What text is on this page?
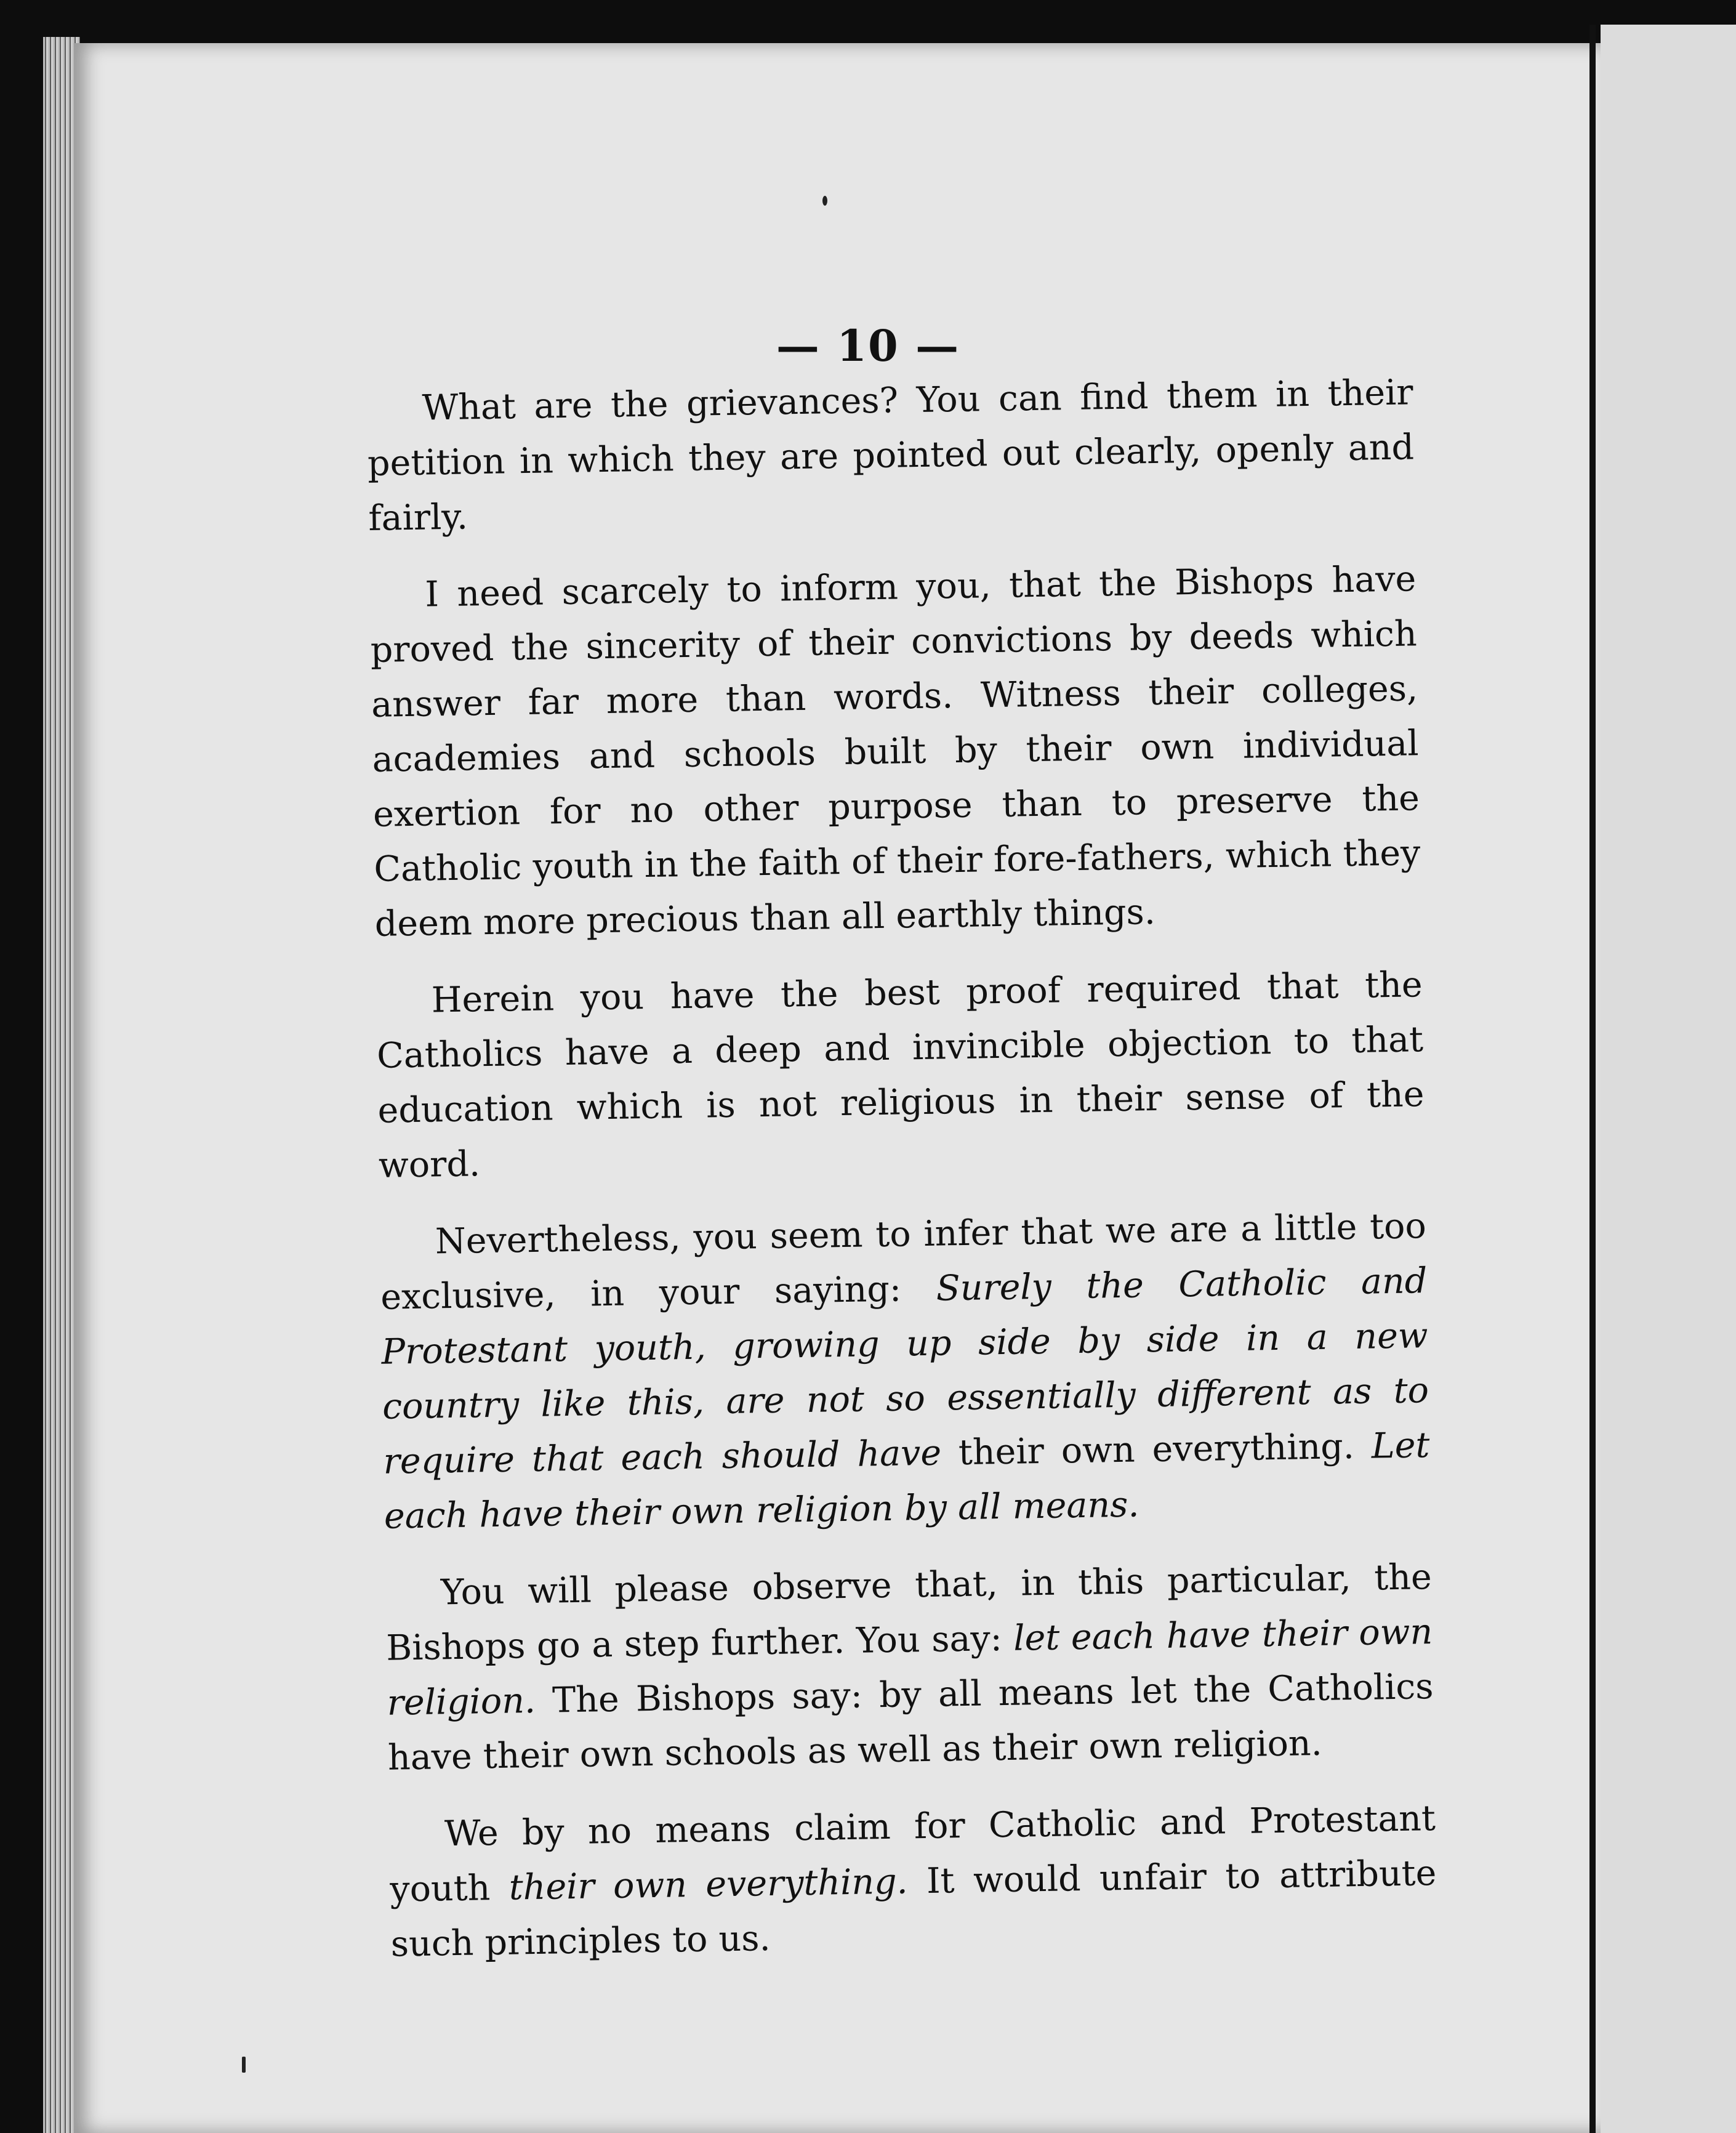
— 10 —

What are the grievances? You can find them in their petition in which they are pointed out clearly, openly and fairly.

I need scarcely to inform you, that the Bishops have proved the sincerity of their convictions by deeds which answer far more than words. Witness their colleges, academies and schools built by their own individual exertion for no other purpose than to preserve the Catholic youth in the faith of their fore-fathers, which they deem more precious than all earthly things.

Herein you have the best proof required that the Catholics have a deep and invincible objection to that education which is not religious in their sense of the word.

Nevertheless, you seem to infer that we are a little too exclusive, in your saying: Surely the Catholic and Protestant youth, growing up side by side in a new country like this, are not so essentially different as to require that each should have their own everything. Let each have their own religion by all means.

You will please observe that, in this particular, the Bishops go a step further. You say: let each have their own religion. The Bishops say: by all means let the Catholics have their own schools as well as their own religion.

We by no means claim for Catholic and Protestant youth their own everything. It would unfair to attribute such principles to us.
